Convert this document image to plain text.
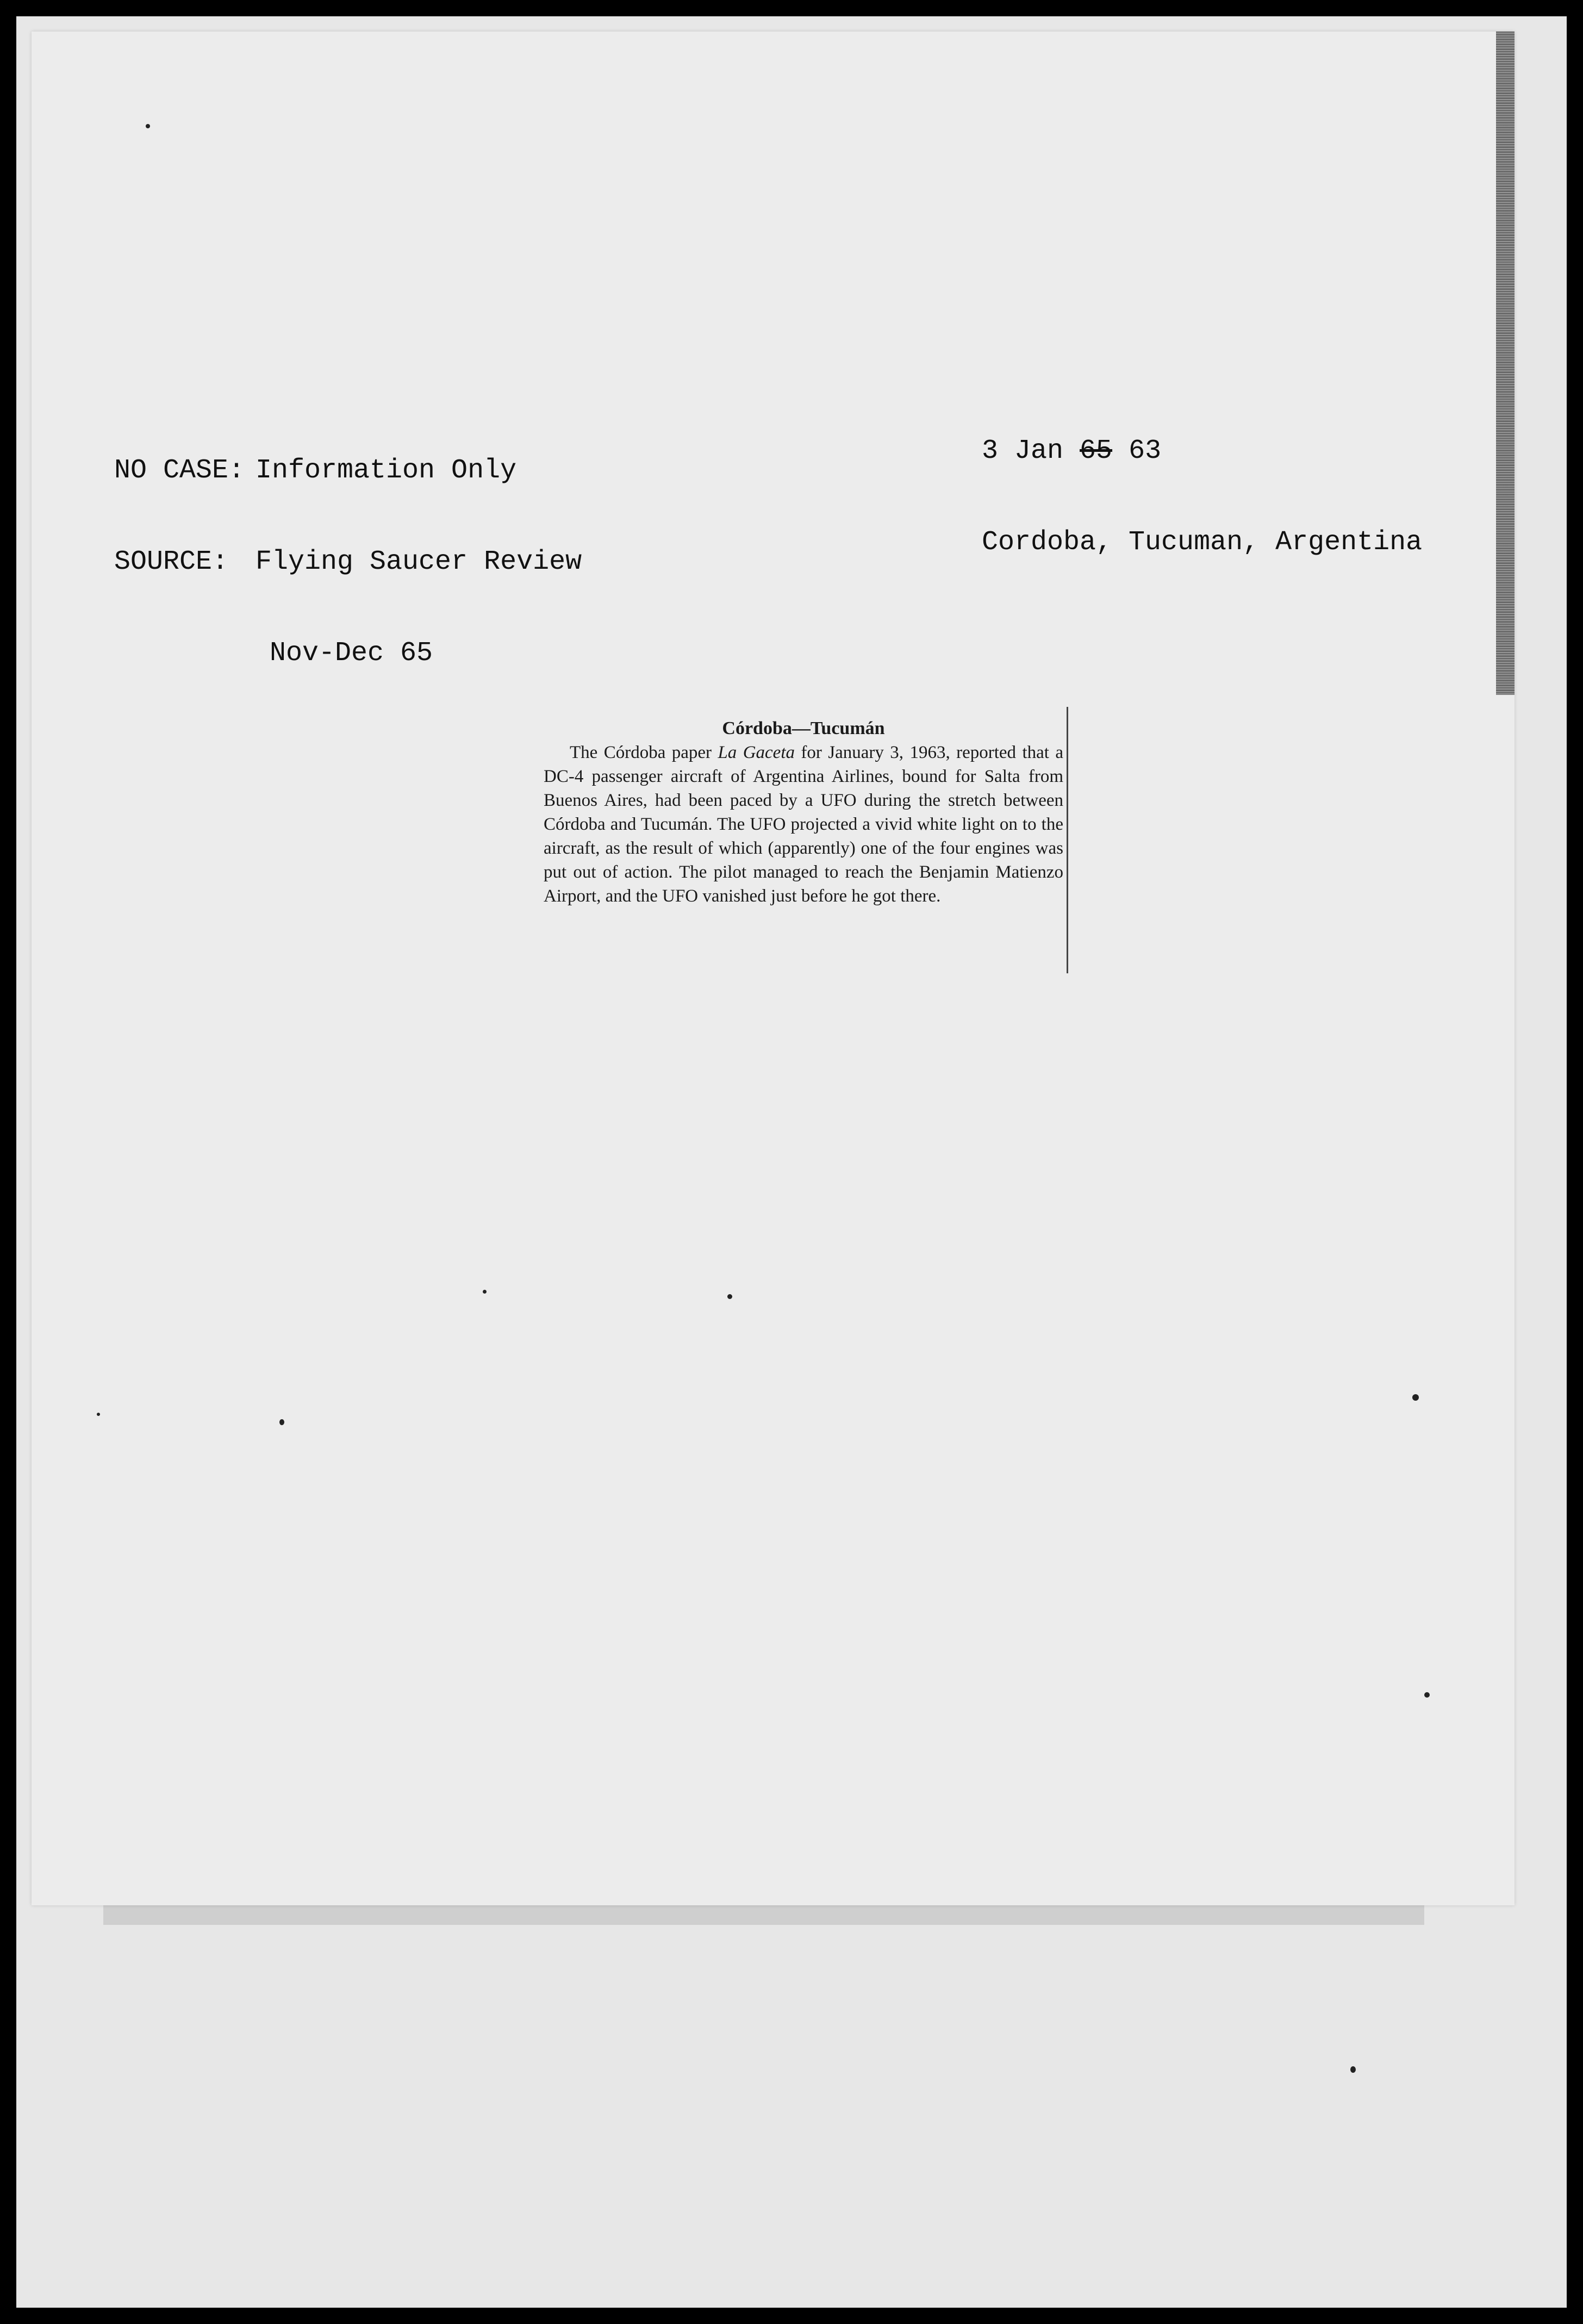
NO CASE: Information Only

SOURCE: Flying Saucer Review

Nov-Dec 65

3 Jan 65 63

Cordoba, Tucuman, Argentina

Córdoba—Tucumán

The Córdoba paper La Gaceta for January 3, 1963, reported that a DC-4 passenger aircraft of Argentina Airlines, bound for Salta from Buenos Aires, had been paced by a UFO during the stretch between Córdoba and Tucumán. The UFO projected a vivid white light on to the aircraft, as the result of which (apparently) one of the four engines was put out of action. The pilot managed to reach the Benjamin Matienzo Airport, and the UFO vanished just before he got there.
